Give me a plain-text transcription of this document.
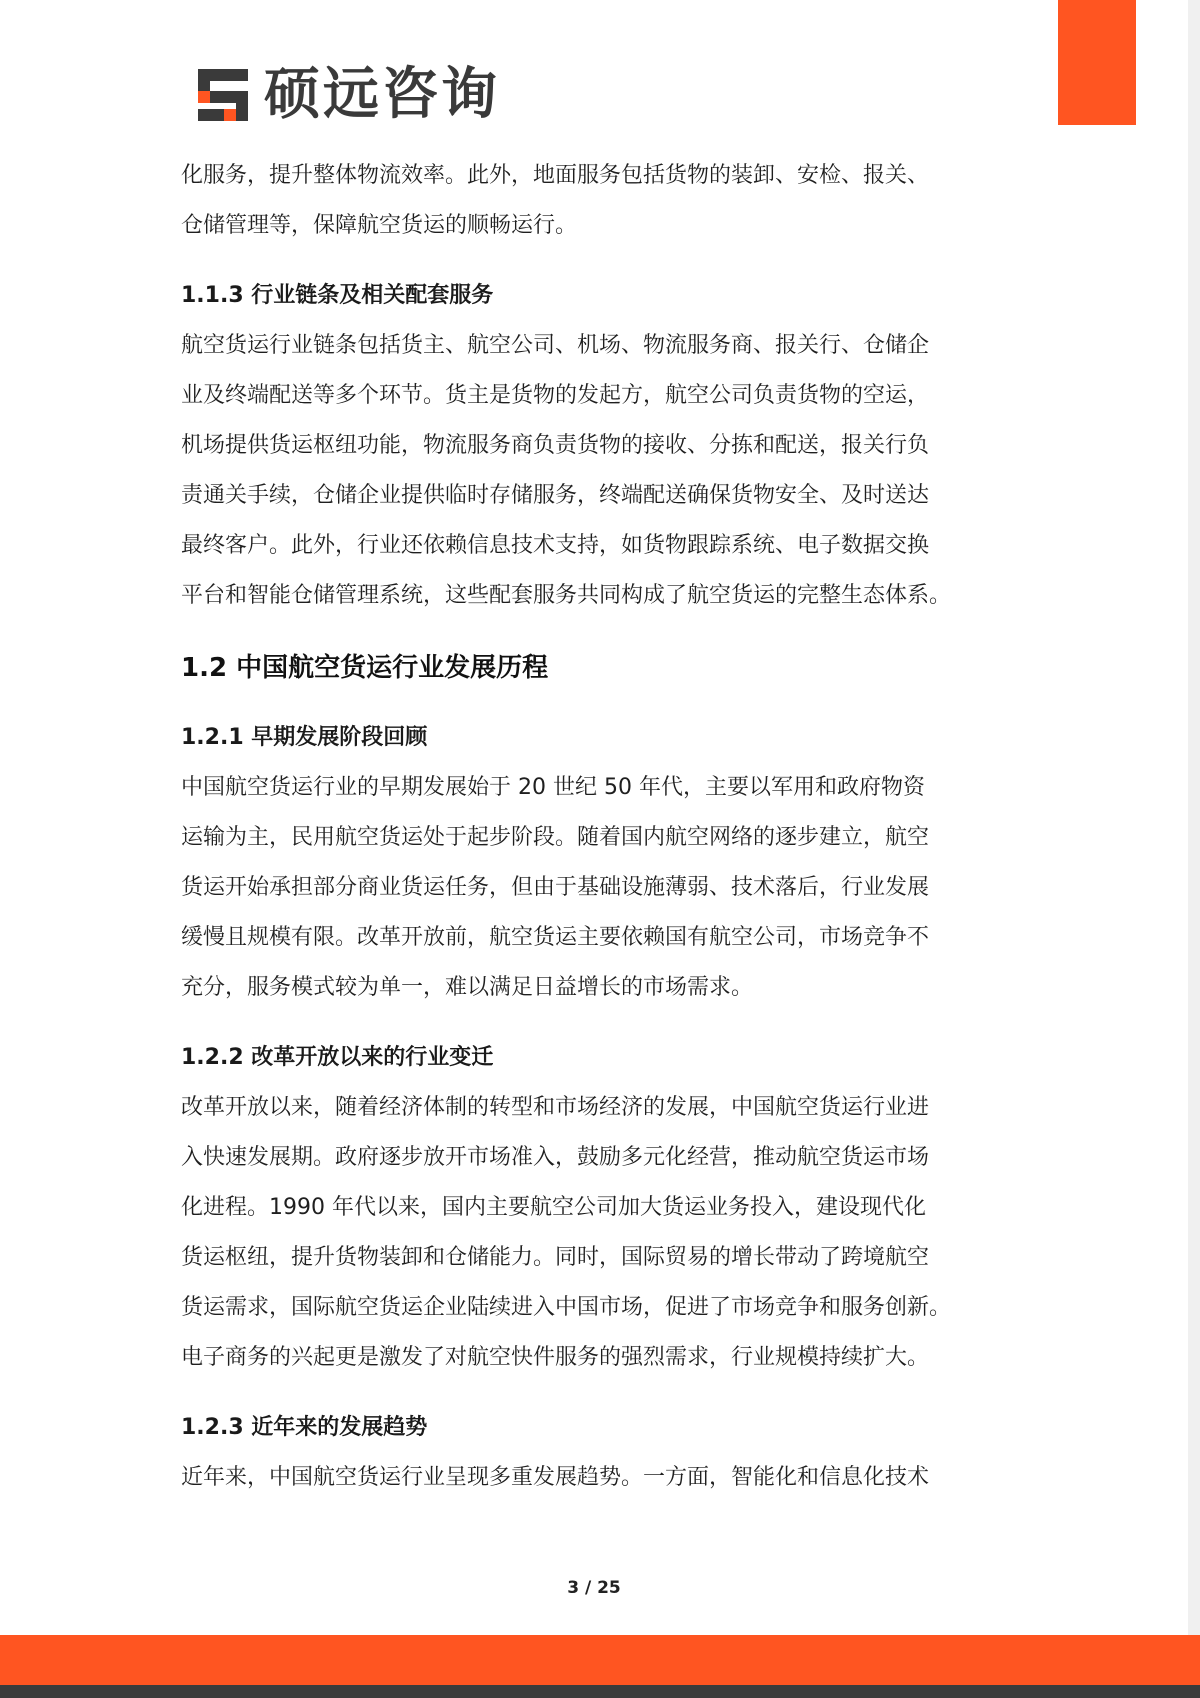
硕远咨询

化服务，提升整体物流效率。此外，地面服务包括货物的装卸、安检、报关、

仓储管理等，保障航空货运的顺畅运行。

1.1.3 行业链条及相关配套服务

航空货运行业链条包括货主、航空公司、机场、物流服务商、报关行、仓储企

业及终端配送等多个环节。货主是货物的发起方，航空公司负责货物的空运，

机场提供货运枢纽功能，物流服务商负责货物的接收、分拣和配送，报关行负

责通关手续，仓储企业提供临时存储服务，终端配送确保货物安全、及时送达

最终客户。此外，行业还依赖信息技术支持，如货物跟踪系统、电子数据交换

平台和智能仓储管理系统，这些配套服务共同构成了航空货运的完整生态体系。

1.2 中国航空货运行业发展历程

1.2.1 早期发展阶段回顾

中国航空货运行业的早期发展始于 20 世纪 50 年代，主要以军用和政府物资

运输为主，民用航空货运处于起步阶段。随着国内航空网络的逐步建立，航空

货运开始承担部分商业货运任务，但由于基础设施薄弱、技术落后，行业发展

缓慢且规模有限。改革开放前，航空货运主要依赖国有航空公司，市场竞争不

充分，服务模式较为单一，难以满足日益增长的市场需求。

1.2.2 改革开放以来的行业变迁

改革开放以来，随着经济体制的转型和市场经济的发展，中国航空货运行业进

入快速发展期。政府逐步放开市场准入，鼓励多元化经营，推动航空货运市场

化进程。1990 年代以来，国内主要航空公司加大货运业务投入，建设现代化

货运枢纽，提升货物装卸和仓储能力。同时，国际贸易的增长带动了跨境航空

货运需求，国际航空货运企业陆续进入中国市场，促进了市场竞争和服务创新。

电子商务的兴起更是激发了对航空快件服务的强烈需求，行业规模持续扩大。

1.2.3 近年来的发展趋势

近年来，中国航空货运行业呈现多重发展趋势。一方面，智能化和信息化技术

3 / 25
